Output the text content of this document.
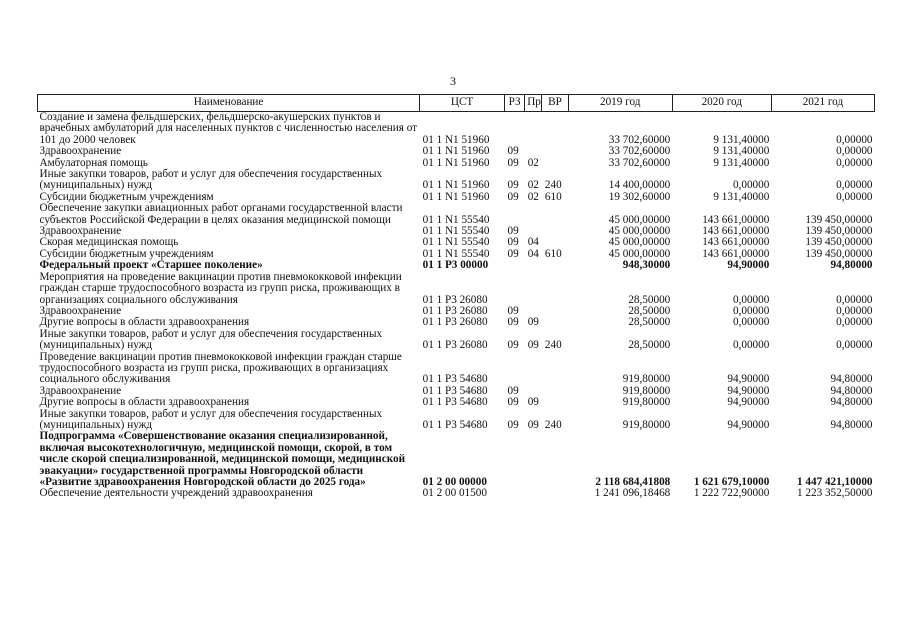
3
Наименование	ЦСТ	РЗ	Пр	ВР	2019 год	2020 год	2021 год
Создание и замена фельдшерских, фельдшерско-акушерских пунктов и врачебных амбулаторий для населенных пунктов с численностью населения от 101 до 2000 человек	01 1 N1 51960				33 702,60000	9 131,40000	0,00000
Здравоохранение	01 1 N1 51960	09			33 702,60000	9 131,40000	0,00000
Амбулаторная помощь	01 1 N1 51960	09	02		33 702,60000	9 131,40000	0,00000
Иные закупки товаров, работ и услуг для обеспечения государственных (муниципальных) нужд	01 1 N1 51960	09	02	240	14 400,00000	0,00000	0,00000
Субсидии бюджетным учреждениям	01 1 N1 51960	09	02	610	19 302,60000	9 131,40000	0,00000
Обеспечение закупки авиационных работ органами государственной власти субъектов Российской Федерации в целях оказания медицинской помощи	01 1 N1 55540				45 000,00000	143 661,00000	139 450,00000
Здравоохранение	01 1 N1 55540	09			45 000,00000	143 661,00000	139 450,00000
Скорая медицинская помощь	01 1 N1 55540	09	04		45 000,00000	143 661,00000	139 450,00000
Субсидии бюджетным учреждениям	01 1 N1 55540	09	04	610	45 000,00000	143 661,00000	139 450,00000
Федеральный проект «Старшее поколение»	01 1 P3 00000				948,30000	94,90000	94,80000
Мероприятия на проведение вакцинации против пневмококковой инфекции граждан старше трудоспособного возраста из групп риска, проживающих в организациях социального обслуживания	01 1 P3 26080				28,50000	0,00000	0,00000
Здравоохранение	01 1 P3 26080	09			28,50000	0,00000	0,00000
Другие вопросы в области здравоохранения	01 1 P3 26080	09	09		28,50000	0,00000	0,00000
Иные закупки товаров, работ и услуг для обеспечения государственных (муниципальных) нужд	01 1 P3 26080	09	09	240	28,50000	0,00000	0,00000
Проведение вакцинации против пневмококковой инфекции граждан старше трудоспособного возраста из групп риска, проживающих в организациях социального обслуживания	01 1 P3 54680				919,80000	94,90000	94,80000
Здравоохранение	01 1 P3 54680	09			919,80000	94,90000	94,80000
Другие вопросы в области здравоохранения	01 1 P3 54680	09	09		919,80000	94,90000	94,80000
Иные закупки товаров, работ и услуг для обеспечения государственных (муниципальных) нужд	01 1 P3 54680	09	09	240	919,80000	94,90000	94,80000
Подпрограмма «Совершенствование оказания специализированной, включая высокотехнологичную, медицинской помощи, скорой, в том числе скорой специализированной, медицинской помощи, медицинской эвакуации» государственной программы Новгородской области «Развитие здравоохранения Новгородской области до 2025 года»	01 2 00 00000				2 118 684,41808	1 621 679,10000	1 447 421,10000
Обеспечение деятельности учреждений здравоохранения	01 2 00 01500				1 241 096,18468	1 222 722,90000	1 223 352,50000
